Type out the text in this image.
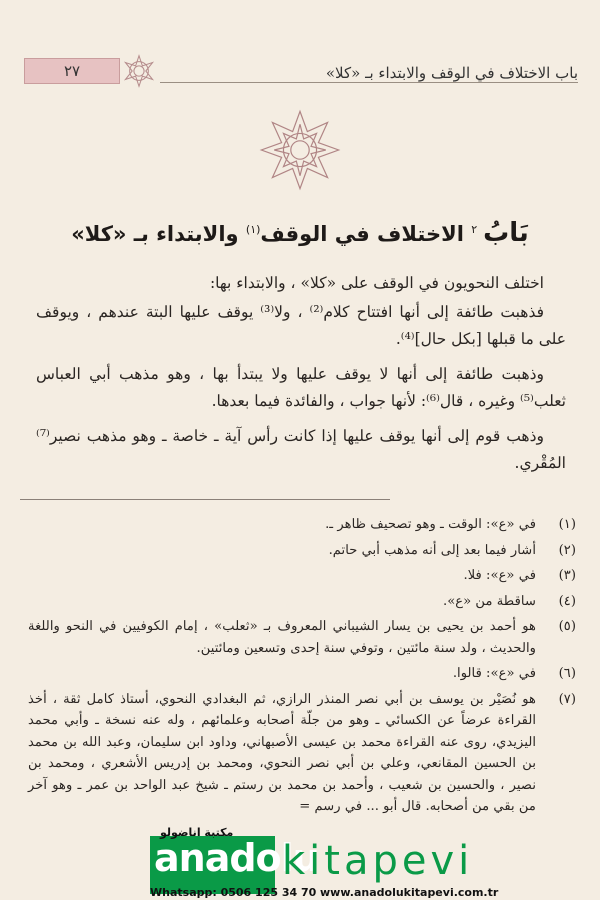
باب الاختلاف في الوقف والابتداء بـ «كلا»
٢٧
بَابُ$^٢$ الاختلاف في الوقف$^{(١)}$ والابتداء بـ «كلا»

اختلف النحويون في الوقف على «كلا» ، والابتداء بها:

فذهبت طائفة إلى أنها افتتاح كلام⁽²⁾ ، ولا⁽³⁾ يوقف عليها البتة عندهم ، ويوقف على ما قبلها [بكل حال]⁽⁴⁾.

وذهبت طائفة إلى أنها لا يوقف عليها ولا يبتدأ بها ، وهو مذهب أبي العباس ثعلب⁽⁵⁾ وغيره ، قال⁽⁶⁾: لأنها جواب ، والفائدة فيما بعدها.

وذهب قوم إلى أنها يوقف عليها إذا كانت رأس آية ـ خاصة ـ وهو مذهب نصير⁽⁷⁾ المُقْري.

(١)
في «ع»: الوقت ـ وهو تصحيف ظاهر ـ.
(٢)
أشار فيما بعد إلى أنه مذهب أبي حاتم.
(٣)
في «ع»: فلا.
(٤)
ساقطة من «ع».
(٥)
هو أحمد بن يحيى بن يسار الشيباني المعروف بـ «ثعلب» ، إمام الكوفيين في النحو واللغة والحديث ، ولد سنة مائتين ، وتوفي سنة إحدى وتسعين ومائتين.
(٦)
في «ع»: قالوا.
(٧)
هو نُصَيْر بن يوسف بن أبي نصر المنذر الرازي، ثم البغدادي النحوي، أستاذ كامل ثقة ، أخذ القراءة عرضاً عن الكسائي ـ وهو من جلّة أصحابه وعلمائهم ، وله عنه نسخة ـ وأبي محمد اليزيدي، روى عنه القراءة محمد بن عيسى الأصبهاني، وداود ابن سليمان، وعبد الله بن محمد بن الحسين المقانعي، وعلي بن أبي نصر النحوي، ومحمد بن إدريس الأشعري ، ومحمد بن نصير ، والحسين بن شعيب ، وأحمد بن محمد بن رستم ـ شيخ عبد الواحد بن عمر ـ وهو آخر من بقي من أصحابه. قال أبو ... في رسم =
مكتبة اناضولو
anadolu
kitapevi
Whatsapp: 0506 125 34 70 www.anadolukitapevi.com.tr
